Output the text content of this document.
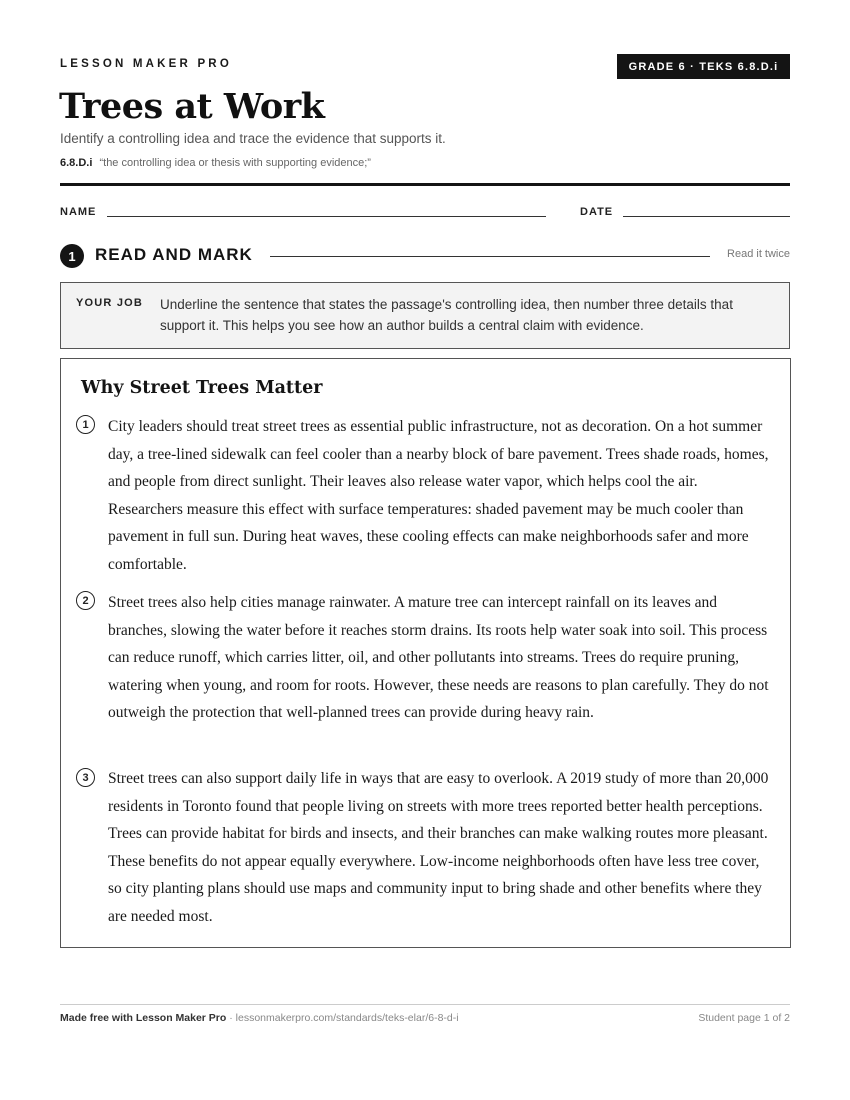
LESSON MAKER PRO	GRADE 6 · TEKS 6.8.D.i
Trees at Work
Identify a controlling idea and trace the evidence that supports it.
6.8.D.i “the controlling idea or thesis with supporting evidence;”
NAME	DATE
1	READ AND MARK	Read it twice
YOUR JOB Underline the sentence that states the passage's controlling idea, then number three details that support it. This helps you see how an author builds a central claim with evidence.
Why Street Trees Matter
1	City leaders should treat street trees as essential public infrastructure, not as decoration. On a hot summer day, a tree-lined sidewalk can feel cooler than a nearby block of bare pavement. Trees shade roads, homes, and people from direct sunlight. Their leaves also release water vapor, which helps cool the air. Researchers measure this effect with surface temperatures: shaded pavement may be much cooler than pavement in full sun. During heat waves, these cooling effects can make neighborhoods safer and more comfortable.
2	Street trees also help cities manage rainwater. A mature tree can intercept rainfall on its leaves and branches, slowing the water before it reaches storm drains. Its roots help water soak into soil. This process can reduce runoff, which carries litter, oil, and other pollutants into streams. Trees do require pruning, watering when young, and room for roots. However, these needs are reasons to plan carefully. They do not outweigh the protection that well-planned trees can provide during heavy rain.
3	Street trees can also support daily life in ways that are easy to overlook. A 2019 study of more than 20,000 residents in Toronto found that people living on streets with more trees reported better health perceptions. Trees can provide habitat for birds and insects, and their branches can make walking routes more pleasant. These benefits do not appear equally everywhere. Low-income neighborhoods often have less tree cover, so city planting plans should use maps and community input to bring shade and other benefits where they are needed most.
Made free with Lesson Maker Pro · lessonmakerpro.com/standards/teks-elar/6-8-d-i	Student page 1 of 2
